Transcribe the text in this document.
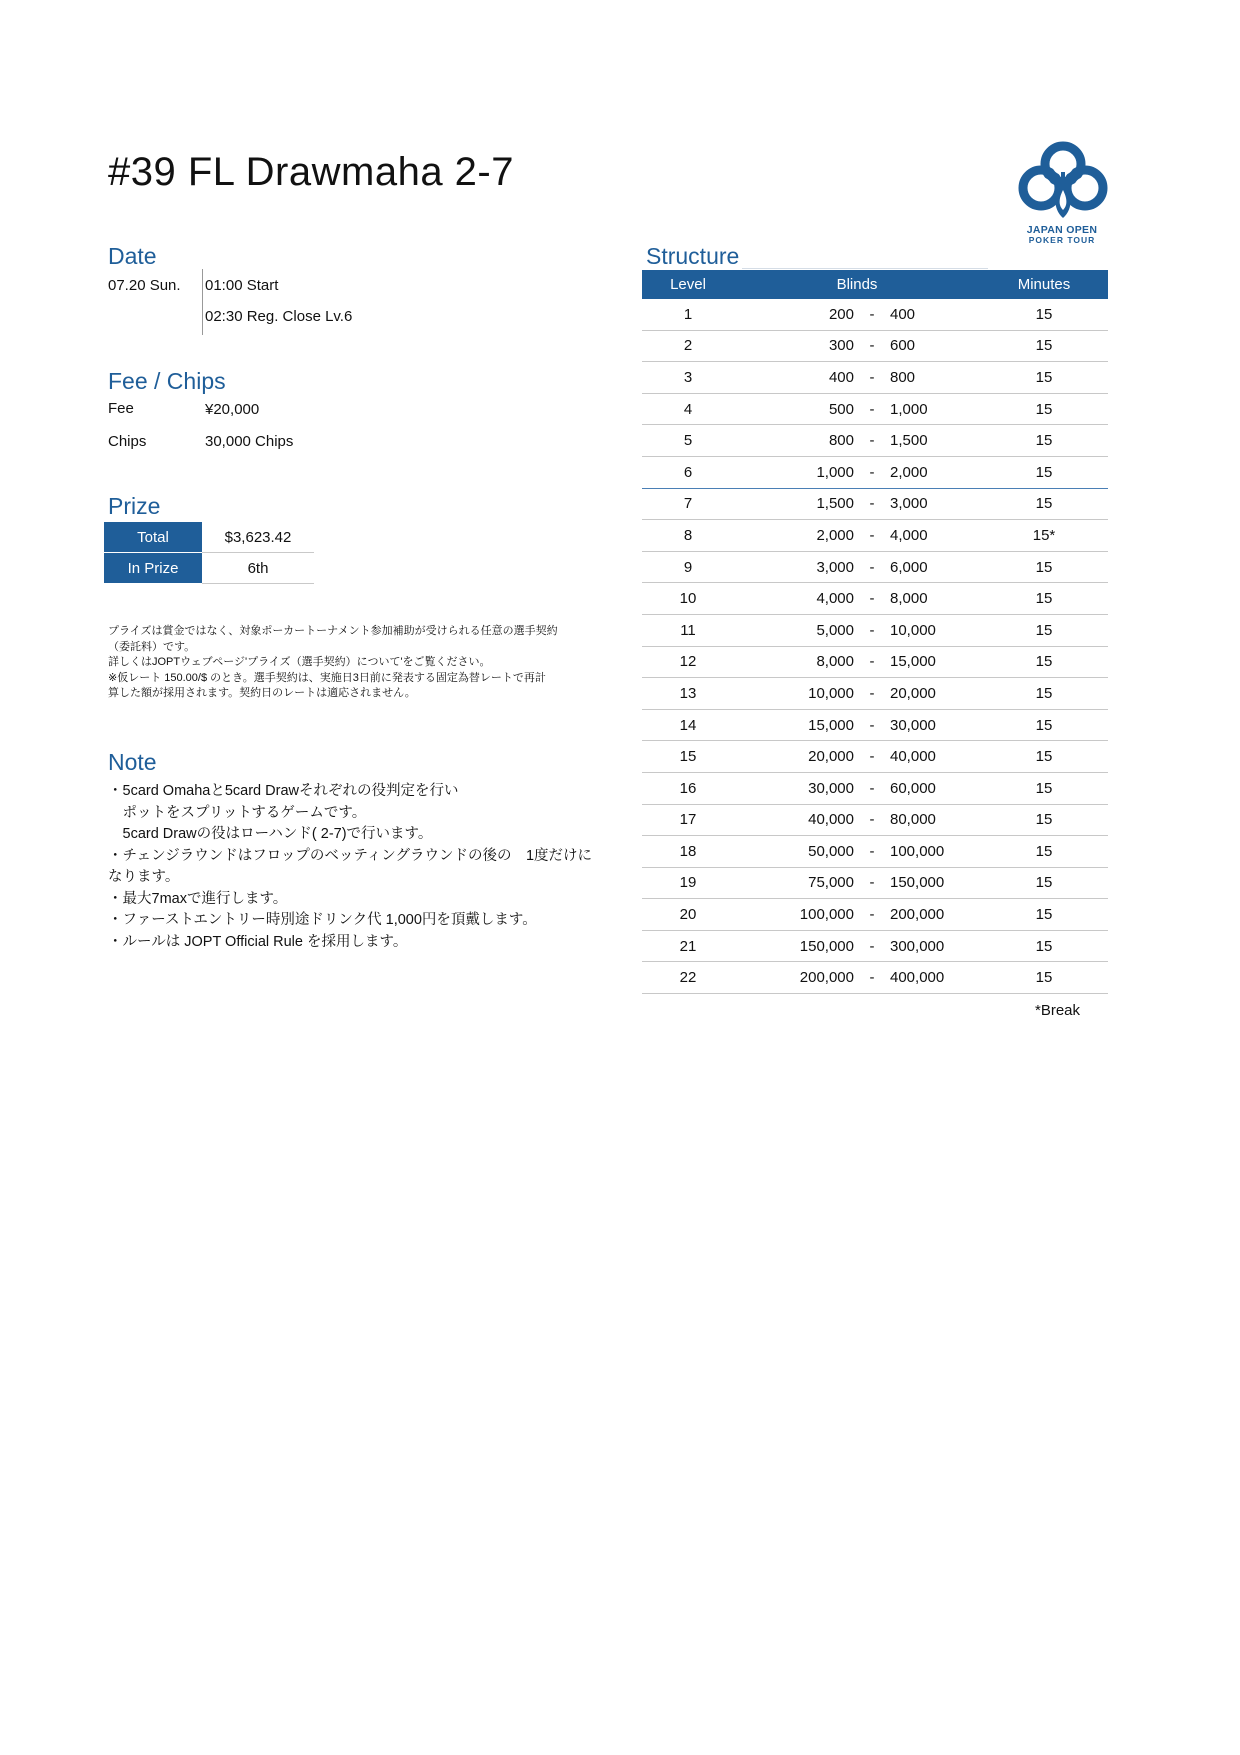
#39 FL Drawmaha 2-7
JAPAN OPEN
POKER TOUR
Date
07.20 Sun. 01:00 Start
02:30 Reg. Close Lv.6
Fee / Chips
Fee	¥20,000
Chips	30,000 Chips
Prize
Total	$3,623.42
In Prize	6th
プライズは賞金ではなく、対象ポーカートーナメント参加補助が受けられる任意の選手契約
（委託料）です。
詳しくはJOPTウェブページ'プライズ（選手契約）について'をご覧ください。
※仮レート 150.00/$ のとき。選手契約は、実施日3日前に発表する固定為替レートで再計
算した額が採用されます。契約日のレートは適応されません。
Note
・5card Omahaと5card Drawそれぞれの役判定を行い
　ポットをスプリットするゲームです。
　5card Drawの役はローハンド( 2-7)で行います。
・チェンジラウンドはフロップのベッティングラウンドの後の　1度だけに
なります。
・最大7maxで進行します。
・ファーストエントリー時別途ドリンク代 1,000円を頂戴します。
・ルールは JOPT Official Rule を採用します。
Structure
Level	Blinds			Minutes
1	200	-	400	15
2	300	-	600	15
3	400	-	800	15
4	500	-	1,000	15
5	800	-	1,500	15
6	1,000	-	2,000	15
7	1,500	-	3,000	15
8	2,000	-	4,000	15*
9	3,000	-	6,000	15
10	4,000	-	8,000	15
11	5,000	-	10,000	15
12	8,000	-	15,000	15
13	10,000	-	20,000	15
14	15,000	-	30,000	15
15	20,000	-	40,000	15
16	30,000	-	60,000	15
17	40,000	-	80,000	15
18	50,000	-	100,000	15
19	75,000	-	150,000	15
20	100,000	-	200,000	15
21	150,000	-	300,000	15
22	200,000	-	400,000	15
*Break
